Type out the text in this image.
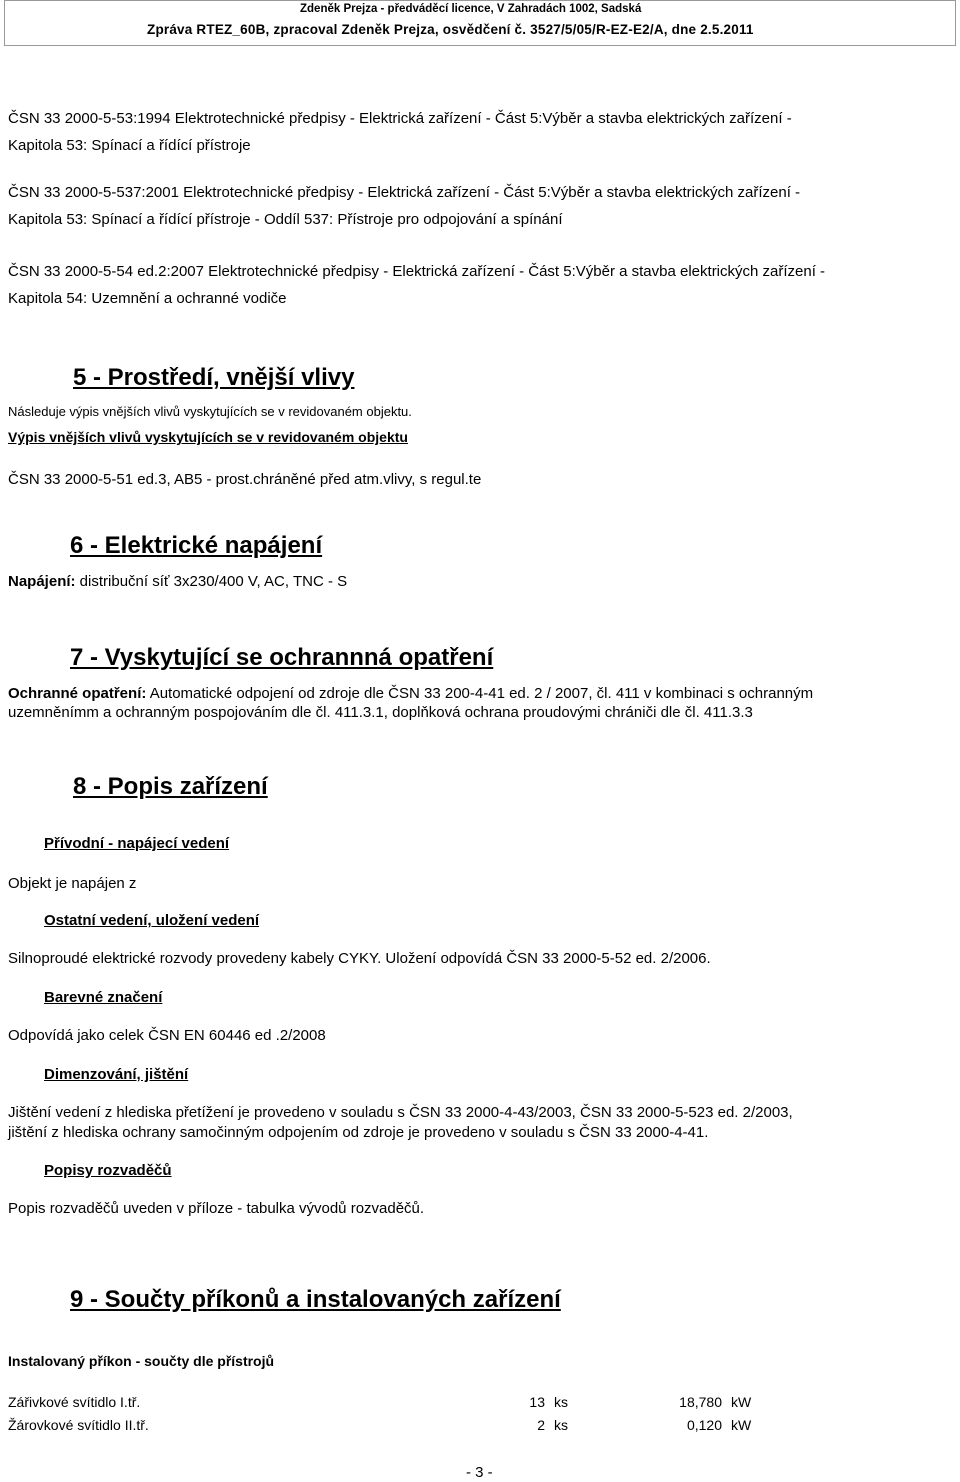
Zdeněk Prejza - předváděcí licence, V Zahradách 1002, Sadská
Zpráva RTEZ_60B, zpracoval Zdeněk Prejza, osvědčení č. 3527/5/05/R-EZ-E2/A, dne 2.5.2011
ČSN 33 2000-5-53:1994 Elektrotechnické předpisy - Elektrická zařízení - Část 5:Výběr a stavba elektrických zařízení -
Kapitola 53: Spínací a řídící přístroje
ČSN 33 2000-5-537:2001 Elektrotechnické předpisy - Elektrická zařízení - Část 5:Výběr a stavba elektrických zařízení -
Kapitola 53: Spínací a řídící přístroje - Oddíl 537: Přístroje pro odpojování a spínání
ČSN 33 2000-5-54 ed.2:2007 Elektrotechnické předpisy - Elektrická zařízení - Část 5:Výběr a stavba elektrických zařízení -
Kapitola 54: Uzemnění a ochranné vodiče
5 - Prostředí, vnější vlivy
Následuje výpis vnějších vlivů vyskytujících se v revidovaném objektu.
Výpis vnějších vlivů vyskytujících se v revidovaném objektu
ČSN 33 2000-5-51 ed.3, AB5 - prost.chráněné před atm.vlivy, s regul.te
6 - Elektrické napájení
Napájení: distribuční síť 3x230/400 V, AC, TNC - S
7 - Vyskytující se ochrannná opatření
Ochranné opatření: Automatické odpojení od zdroje dle ČSN 33 200-4-41 ed. 2 / 2007, čl. 411 v kombinaci s ochranným
uzemněnímm a ochranným pospojováním dle čl. 411.3.1, doplňková ochrana proudovými chrániči dle čl. 411.3.3
8 - Popis zařízení
Přívodní - napájecí vedení
Objekt je napájen z
Ostatní vedení, uložení vedení
Silnoproudé elektrické rozvody provedeny kabely CYKY. Uložení odpovídá ČSN 33 2000-5-52 ed. 2/2006.
Barevné značení
Odpovídá jako celek ČSN EN 60446 ed .2/2008
Dimenzování, jištění
Jištění vedení z hlediska přetížení je provedeno v souladu s ČSN 33 2000-4-43/2003, ČSN 33 2000-5-523 ed. 2/2003,
jištění z hlediska ochrany samočinným odpojením od zdroje je provedeno v souladu s ČSN 33 2000-4-41.
Popisy rozvaděčů
Popis rozvaděčů uveden v příloze - tabulka vývodů rozvaděčů.
9 - Součty příkonů a instalovaných zařízení
Instalovaný příkon - součty dle přístrojů
Zářivkové svítidlo I.tř.	13 ks	18,780 kW
Žárovkové svítidlo II.tř.	2 ks	0,120 kW
- 3 -
